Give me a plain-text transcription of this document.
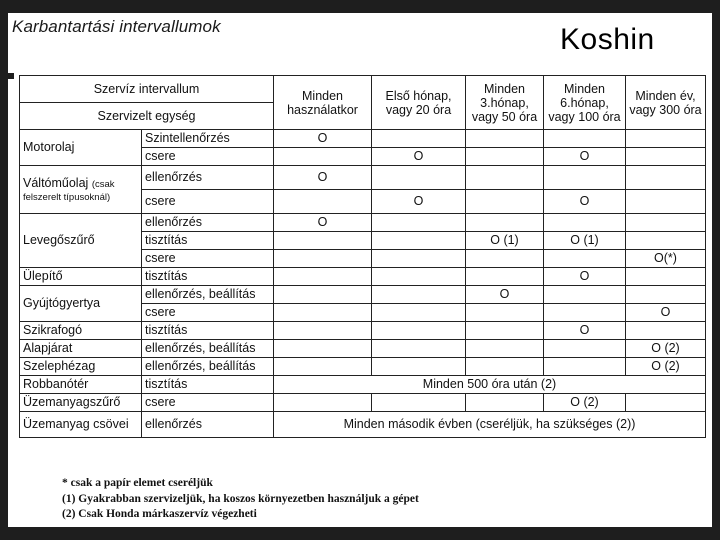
Karbantartási intervallumok	Koshin
Szervíz intervallum		Minden használatkor	Első hónap, vagy 20 óra	Minden 3.hónap, vagy 50 óra	Minden 6.hónap, vagy 100 óra	Minden év, vagy 300 óra
Szervizelt egység						
Motorolaj	Szintellenőrzés	O				
	csere		O		O	
Váltóműolaj (csak felszerelt típusoknál)	ellenőrzés	O				
	csere		O		O	
Levegőszűrő	ellenőrzés	O				
	tisztítás			O (1)	O (1)	
	csere					O(*)
Ülepítő	tisztítás				O	
Gyújtógyertya	ellenőrzés, beállítás			O		
	csere					O
Szikrafogó	tisztítás				O	
Alapjárat	ellenőrzés, beállítás					O (2)
Szelephézag	ellenőrzés, beállítás					O (2)
Robbanótér	tisztítás	Minden 500 óra után (2)				
Üzemanyagszűrő	csere				O (2)	
Üzemanyag csövei	ellenőrzés	Minden második évben (cseréljük, ha szükséges (2))				
* csak a papír elemet cseréljük
(1) Gyakrabban szervizeljük, ha koszos környezetben használjuk a gépet
(2) Csak Honda márkaszervíz végezheti
